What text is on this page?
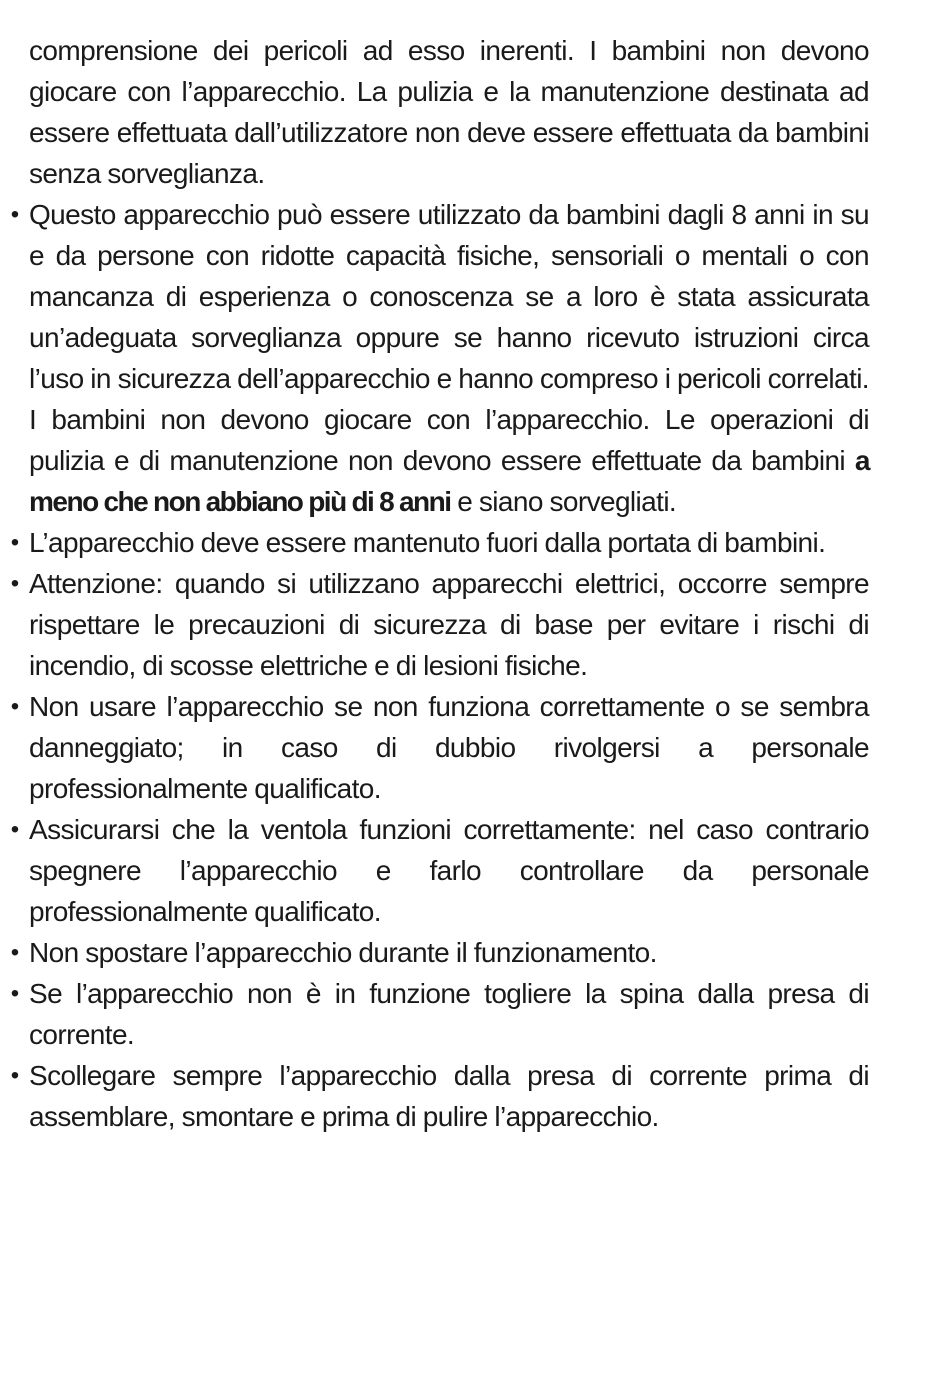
comprensione dei pericoli ad esso inerenti. I bambini non devono giocare con l’apparecchio. La pulizia e la manutenzione destinata ad essere effettuata dall’utilizzatore non deve essere effettuata da bambini senza sorveglianza.

• Questo apparecchio può essere utilizzato da bambini dagli 8 anni in su e da persone con ridotte capacità fisiche, sensoriali o mentali o con mancanza di esperienza o conoscenza se a loro è stata assicurata un’adeguata sorveglianza oppure se hanno ricevuto istruzioni circa l’uso in sicurezza dell’apparecchio e hanno compreso i pericoli correlati. I bambini non devono giocare con l’apparecchio. Le operazioni di pulizia e di manutenzione non devono essere effettuate da bambini a meno che non abbiano più di 8 anni e siano sorvegliati.
• L’apparecchio deve essere mantenuto fuori dalla portata di bambini.
• Attenzione: quando si utilizzano apparecchi elettrici, occorre sempre rispettare le precauzioni di sicurezza di base per evitare i rischi di incendio, di scosse elettriche e di lesioni fisiche.
• Non usare l’apparecchio se non funziona correttamente o se sembra danneggiato; in caso di dubbio rivolgersi a personale professionalmente qualificato.
• Assicurarsi che la ventola funzioni correttamente: nel caso contrario spegnere l’apparecchio e farlo controllare da personale professionalmente qualificato.
• Non spostare l’apparecchio durante il funzionamento.
• Se l’apparecchio non è in funzione togliere la spina dalla presa di corrente.
• Scollegare sempre l’apparecchio dalla presa di corrente prima di assemblare, smontare e prima di pulire l’apparecchio.
